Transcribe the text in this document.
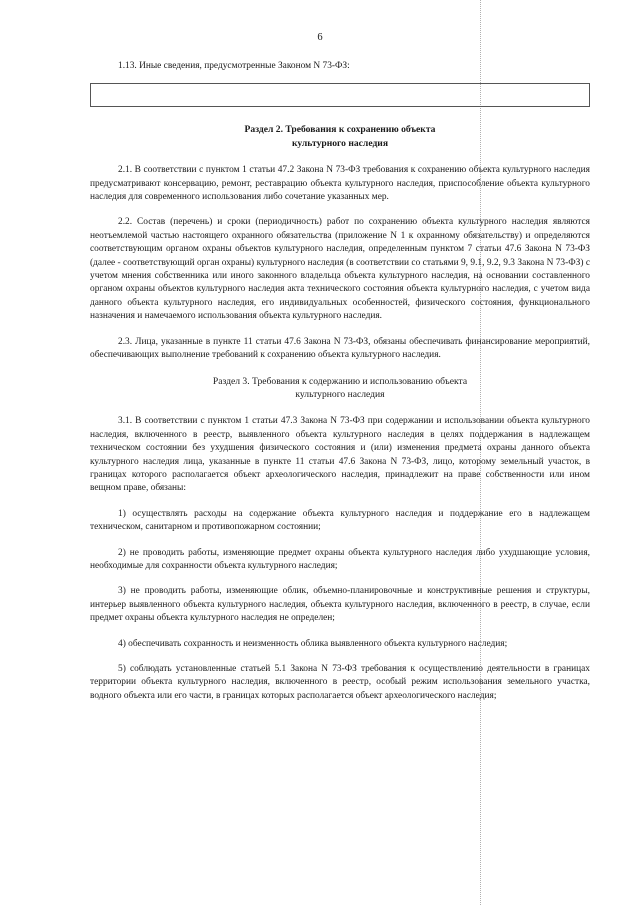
6
1.13. Иные сведения, предусмотренные Законом N 73-ФЗ:
Раздел 2. Требования к сохранению объекта
культурного наследия

2.1. В соответствии с пунктом 1 статьи 47.2 Закона N 73-ФЗ требования к сохранению объекта культурного наследия предусматривают консервацию, ремонт, реставрацию объекта культурного наследия, приспособление объекта культурного наследия для современного использования либо сочетание указанных мер.

2.2. Состав (перечень) и сроки (периодичность) работ по сохранению объекта культурного наследия являются неотъемлемой частью настоящего охранного обязательства (приложение N 1 к охранному обязательству) и определяются соответствующим органом охраны объектов культурного наследия, определенным пунктом 7 статьи 47.6 Закона N 73-ФЗ (далее - соответствующий орган охраны) культурного наследия (в соответствии со статьями 9, 9.1, 9.2, 9.3 Закона N 73-ФЗ) с учетом мнения собственника или иного законного владельца объекта культурного наследия, на основании составленного органом охраны объектов культурного наследия акта технического состояния объекта культурного наследия, с учетом вида данного объекта культурного наследия, его индивидуальных особенностей, физического состояния, функционального назначения и намечаемого использования объекта культурного наследия.

2.3. Лица, указанные в пункте 11 статьи 47.6 Закона N 73-ФЗ, обязаны обеспечивать финансирование мероприятий, обеспечивающих выполнение требований к сохранению объекта культурного наследия.

Раздел 3. Требования к содержанию и использованию объекта
культурного наследия

3.1. В соответствии с пунктом 1 статьи 47.3 Закона N 73-ФЗ при содержании и использовании объекта культурного наследия, включенного в реестр, выявленного объекта культурного наследия в целях поддержания в надлежащем техническом состоянии без ухудшения физического состояния и (или) изменения предмета охраны данного объекта культурного наследия лица, указанные в пункте 11 статьи 47.6 Закона N 73-ФЗ, лицо, которому земельный участок, в границах которого располагается объект археологического наследия, принадлежит на праве собственности или ином вещном праве, обязаны:

1) осуществлять расходы на содержание объекта культурного наследия и поддержание его в надлежащем техническом, санитарном и противопожарном состоянии;

2) не проводить работы, изменяющие предмет охраны объекта культурного наследия либо ухудшающие условия, необходимые для сохранности объекта культурного наследия;

3) не проводить работы, изменяющие облик, объемно-планировочные и конструктивные решения и структуры, интерьер выявленного объекта культурного наследия, объекта культурного наследия, включенного в реестр, в случае, если предмет охраны объекта культурного наследия не определен;

4) обеспечивать сохранность и неизменность облика выявленного объекта культурного наследия;

5) соблюдать установленные статьей 5.1 Закона N 73-ФЗ требования к осуществлению деятельности в границах территории объекта культурного наследия, включенного в реестр, особый режим использования земельного участка, водного объекта или его части, в границах которых располагается объект археологического наследия;
